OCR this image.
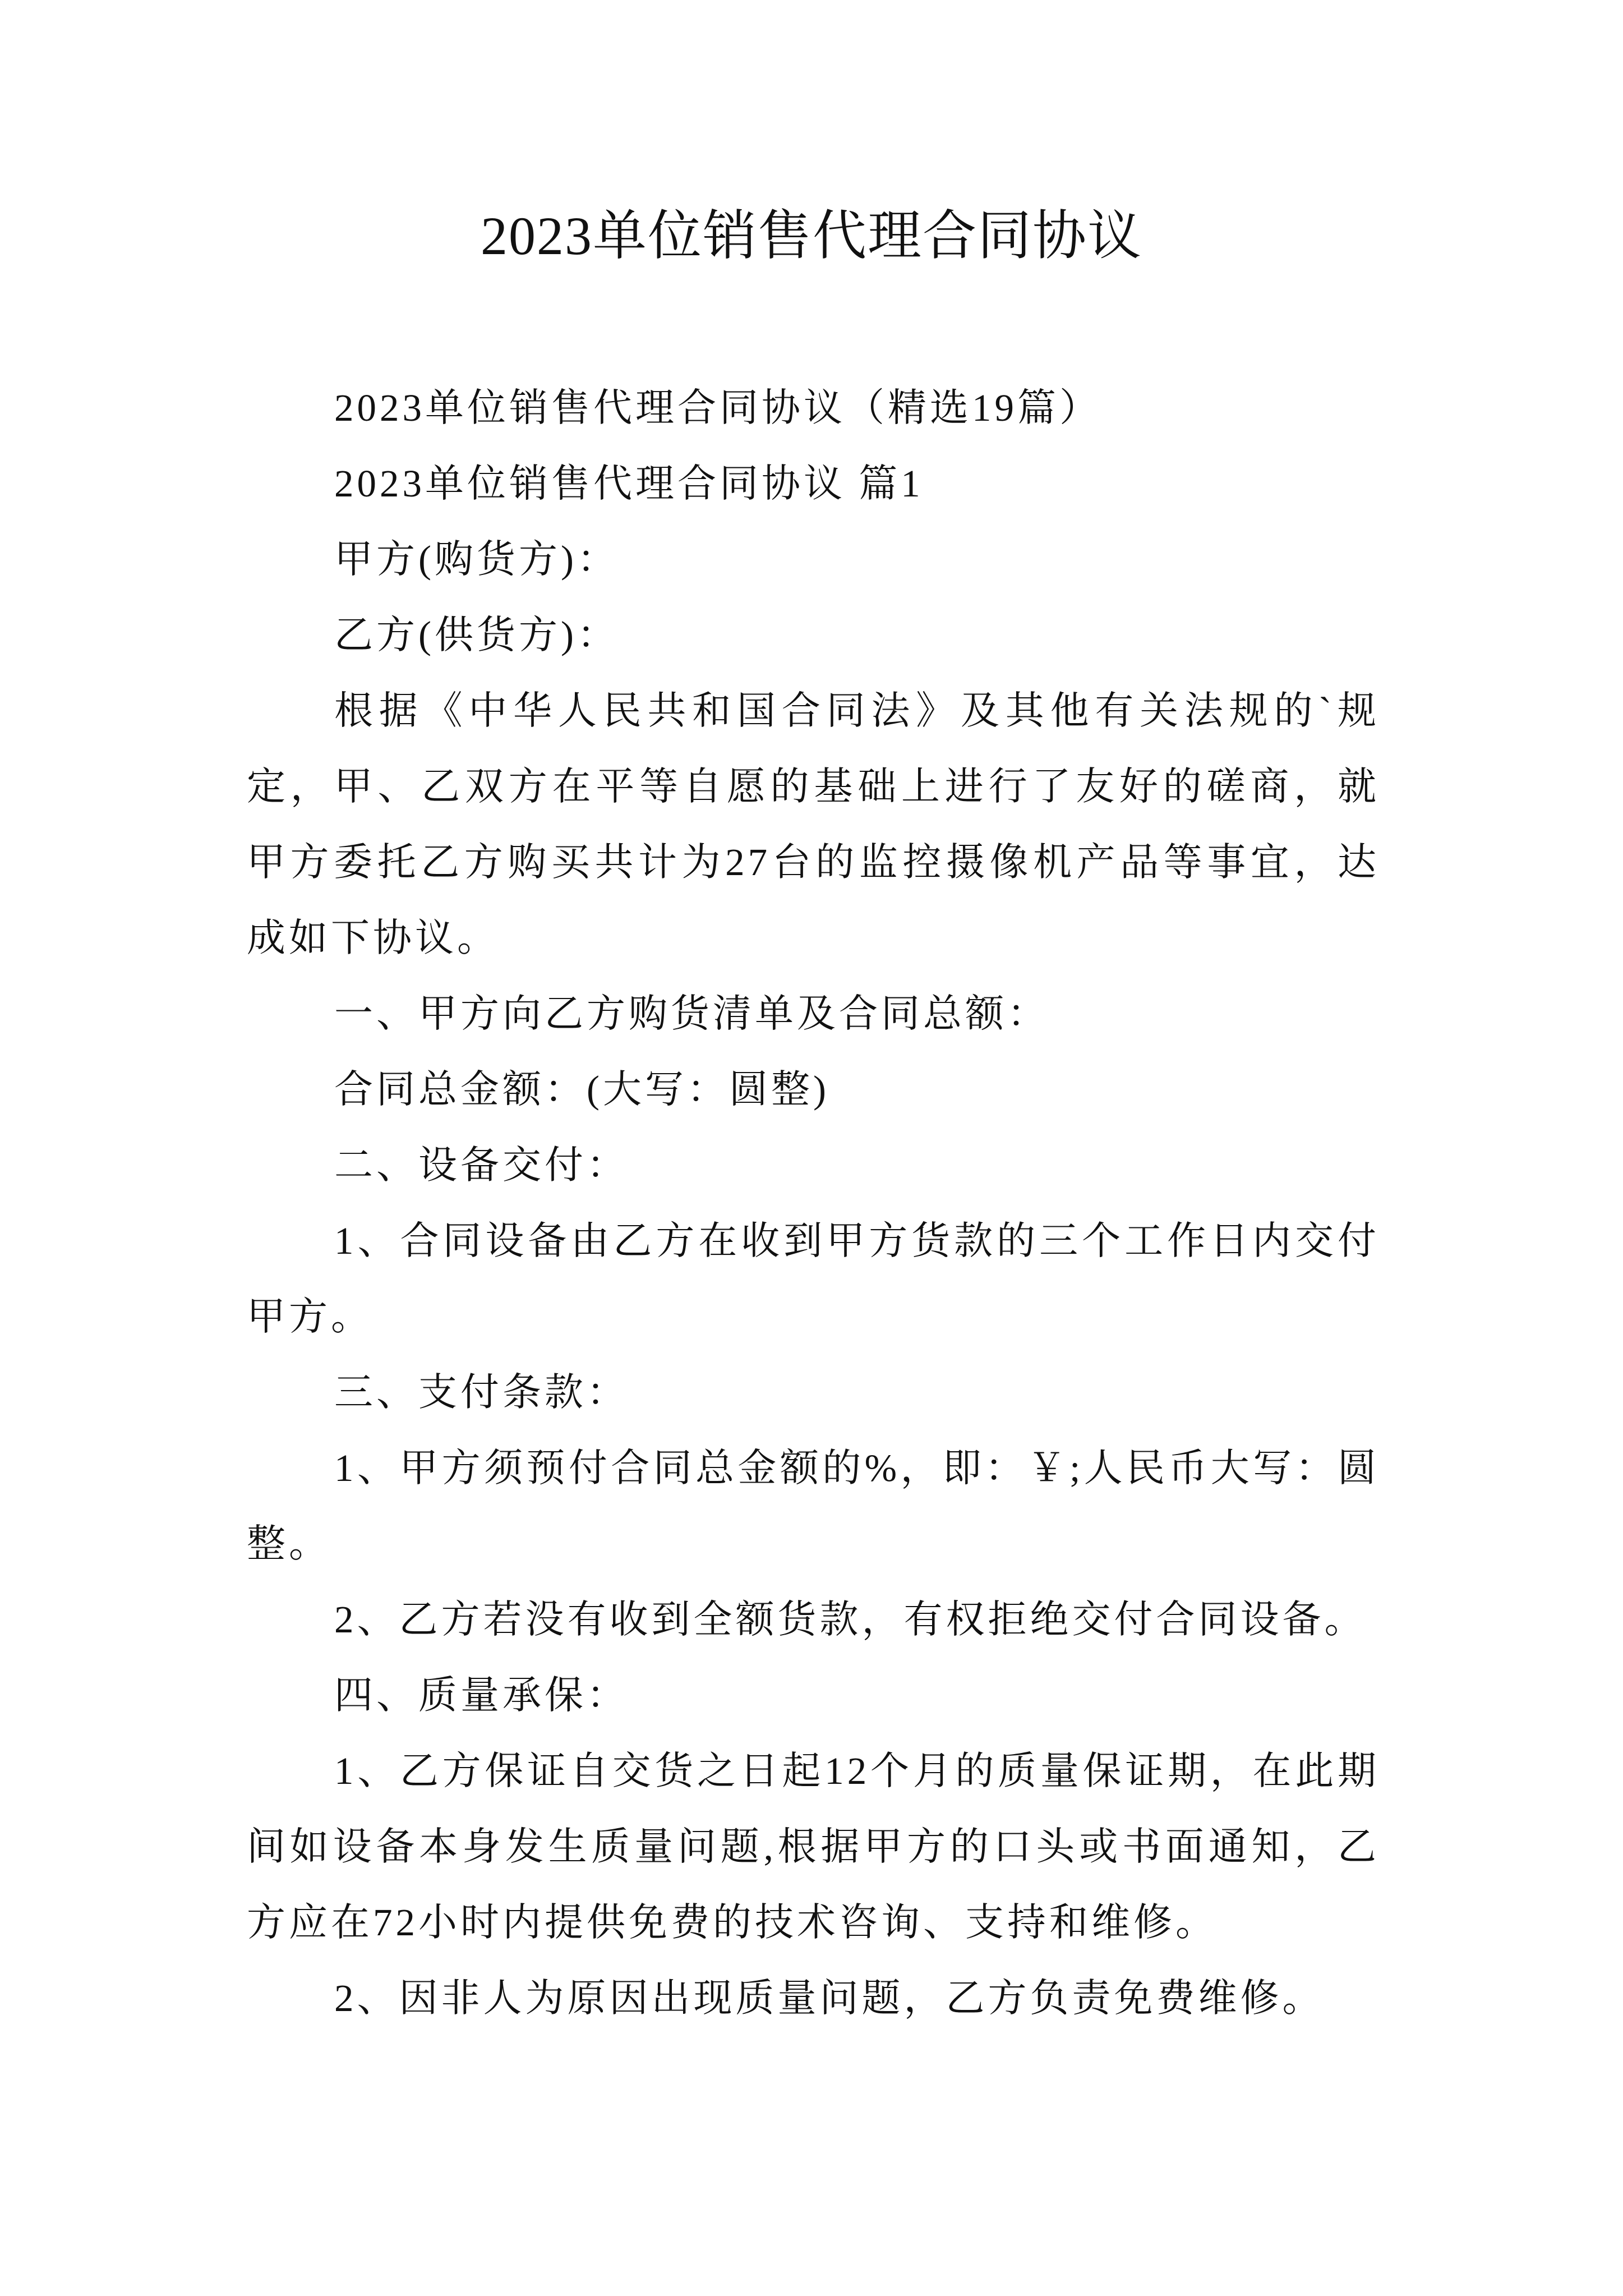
2023单位销售代理合同协议

2023单位销售代理合同协议（精选19篇）

2023单位销售代理合同协议 篇1

甲方(购货方)：

乙方(供货方)：

根据《中华人民共和国合同法》及其他有关法规的`规定，甲、乙双方在平等自愿的基础上进行了友好的磋商，就甲方委托乙方购买共计为27台的监控摄像机产品等事宜，达成如下协议。

一、甲方向乙方购货清单及合同总额：

合同总金额：(大写：圆整)

二、设备交付：

1、合同设备由乙方在收到甲方货款的三个工作日内交付甲方。

三、支付条款：

1、甲方须预付合同总金额的%，即：￥;人民币大写：圆整。

2、乙方若没有收到全额货款，有权拒绝交付合同设备。

四、质量承保：

1、乙方保证自交货之日起12个月的质量保证期，在此期间如设备本身发生质量问题,根据甲方的口头或书面通知，乙方应在72小时内提供免费的技术咨询、支持和维修。

2、因非人为原因出现质量问题，乙方负责免费维修。
